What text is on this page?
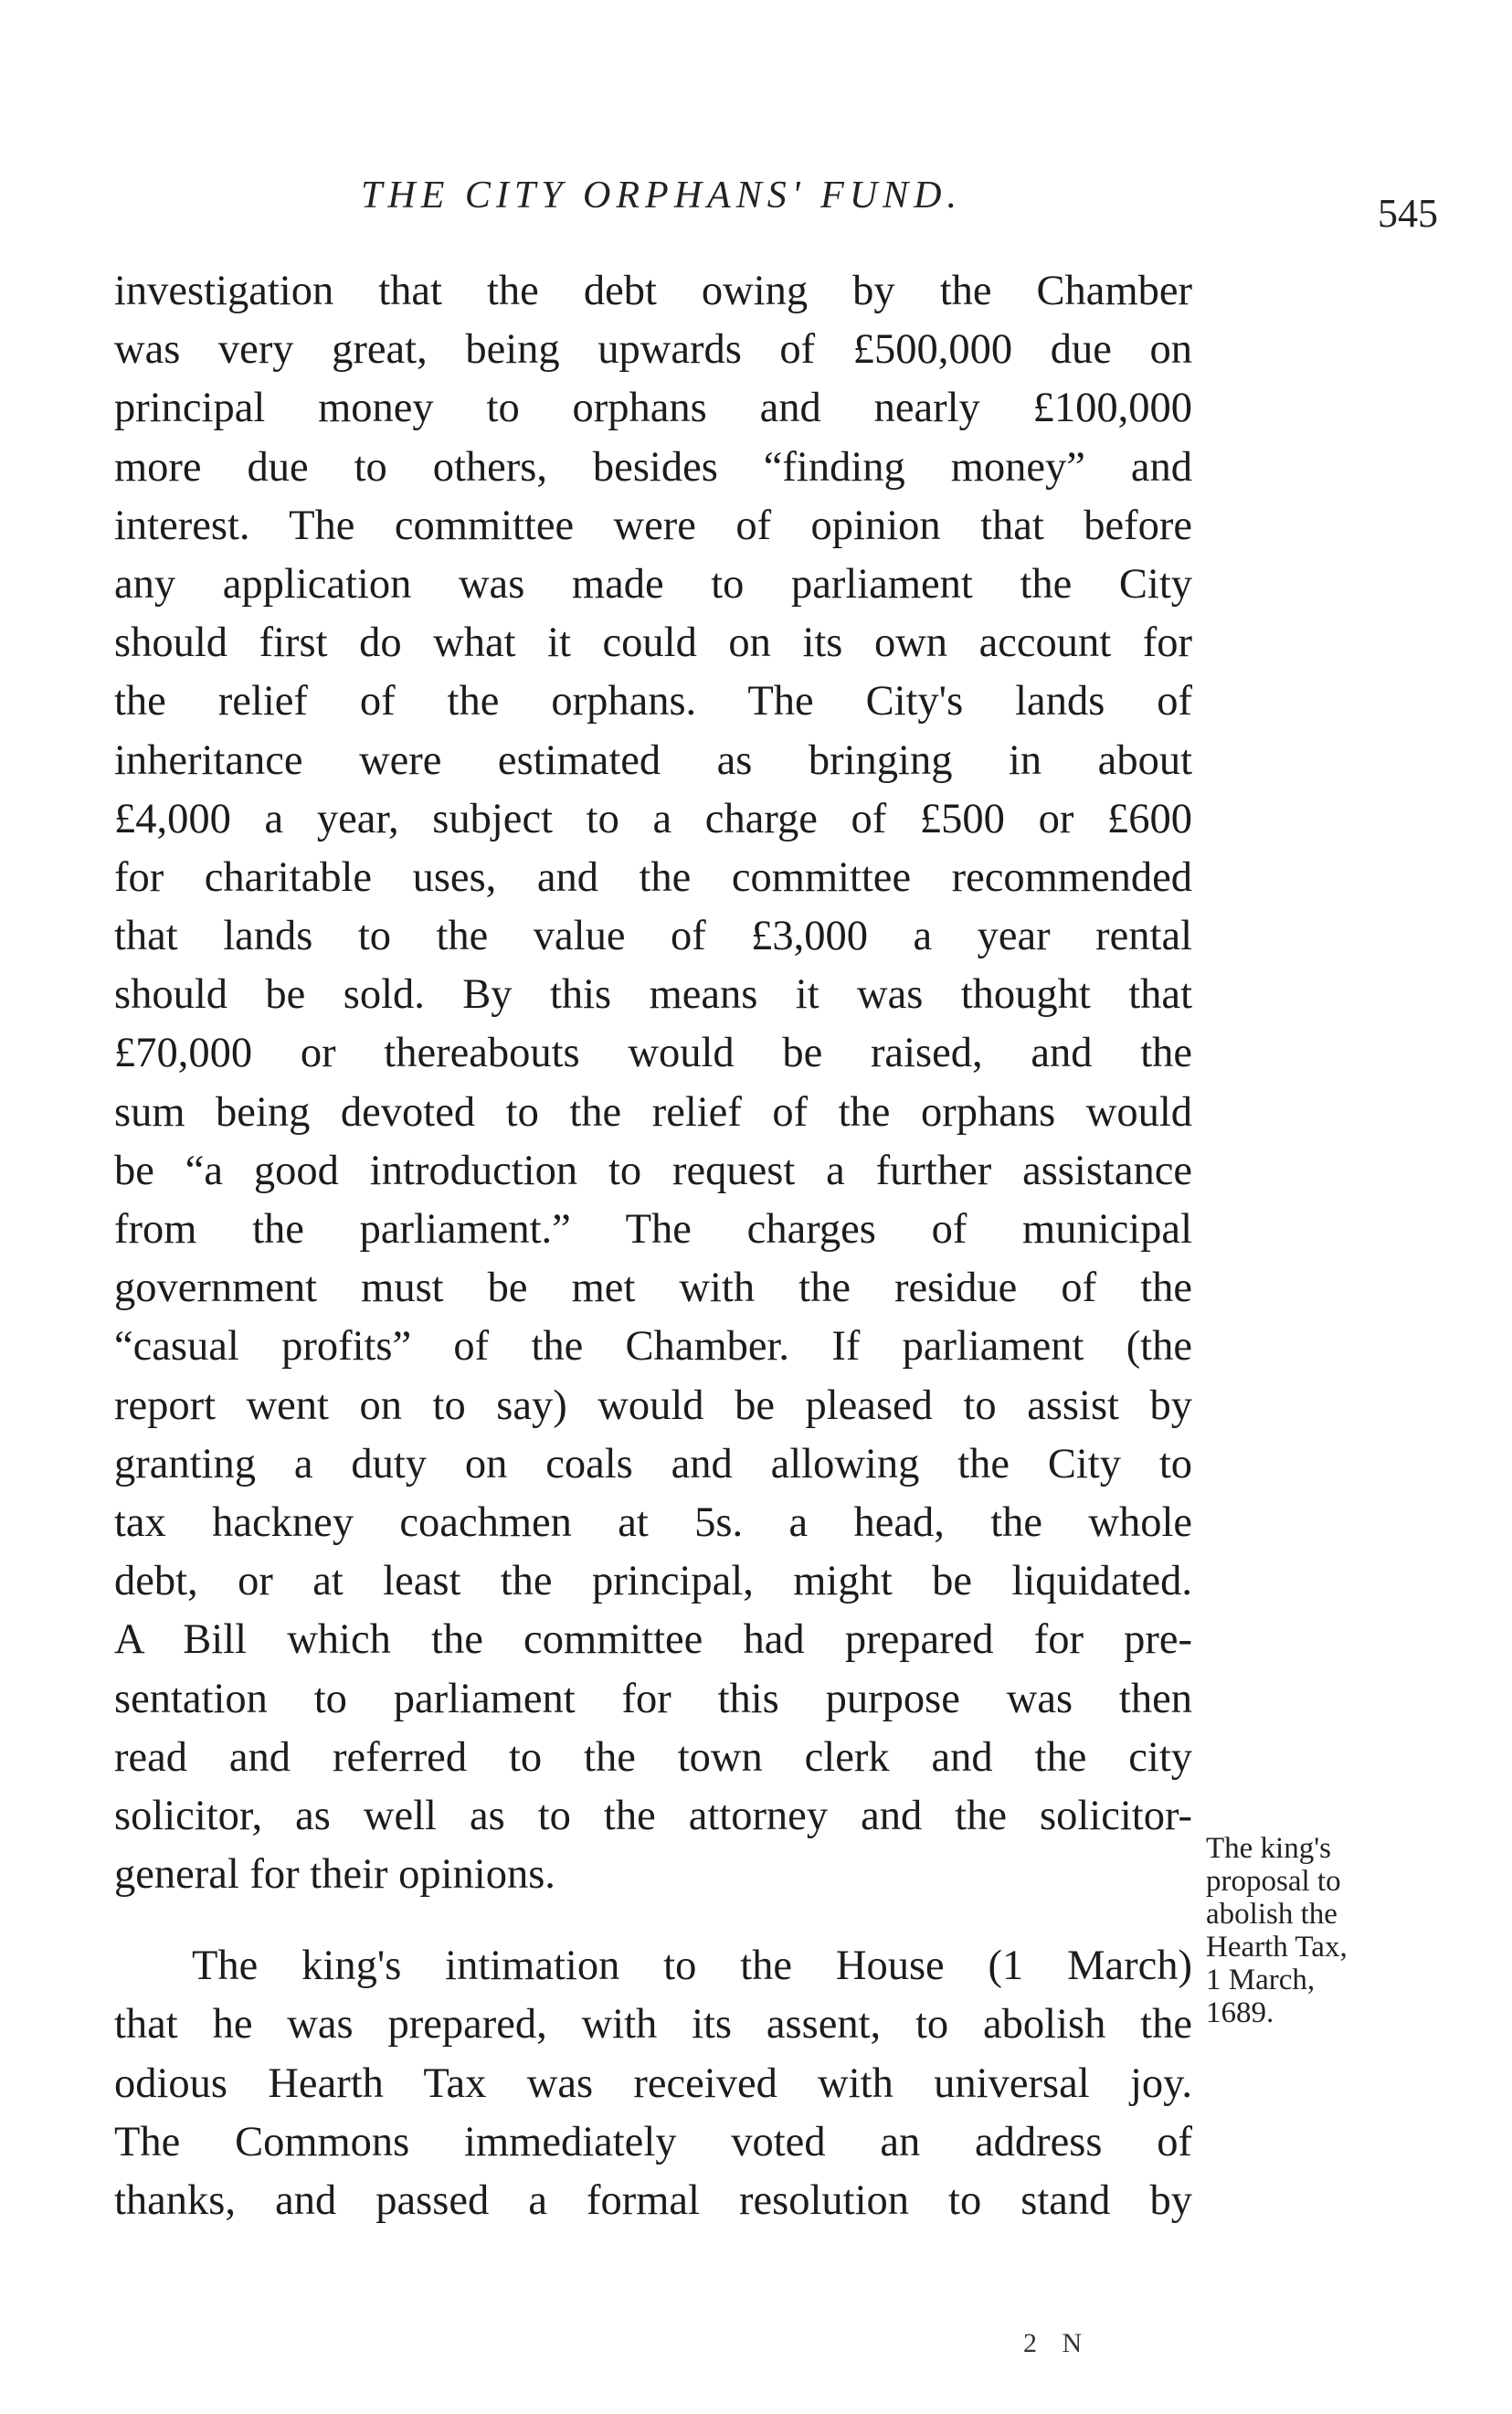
THE CITY ORPHANS' FUND.	545
investigation that the debt owing by the Chamber
was very great, being upwards of £500,000 due on
principal money to orphans and nearly £100,000
more due to others, besides “finding money” and
interest. The committee were of opinion that before
any application was made to parliament the City
should first do what it could on its own account for
the relief of the orphans. The City's lands of
inheritance were estimated as bringing in about
£4,000 a year, subject to a charge of £500 or £600
for charitable uses, and the committee recommended
that lands to the value of £3,000 a year rental
should be sold. By this means it was thought that
£70,000 or thereabouts would be raised, and the
sum being devoted to the relief of the orphans would
be “a good introduction to request a further assistance
from the parliament.” The charges of municipal
government must be met with the residue of the
“casual profits” of the Chamber. If parliament (the
report went on to say) would be pleased to assist by
granting a duty on coals and allowing the City to
tax hackney coachmen at 5s. a head, the whole
debt, or at least the principal, might be liquidated.
A Bill which the committee had prepared for pre-
sentation to parliament for this purpose was then
read and referred to the town clerk and the city
solicitor, as well as to the attorney and the solicitor-
general for their opinions.
The king's intimation to the House (1 March)
that he was prepared, with its assent, to abolish the
odious Hearth Tax was received with universal joy.
The Commons immediately voted an address of
thanks, and passed a formal resolution to stand by
The king's
proposal to
abolish the
Hearth Tax,
1 March,
1689.
2 N
